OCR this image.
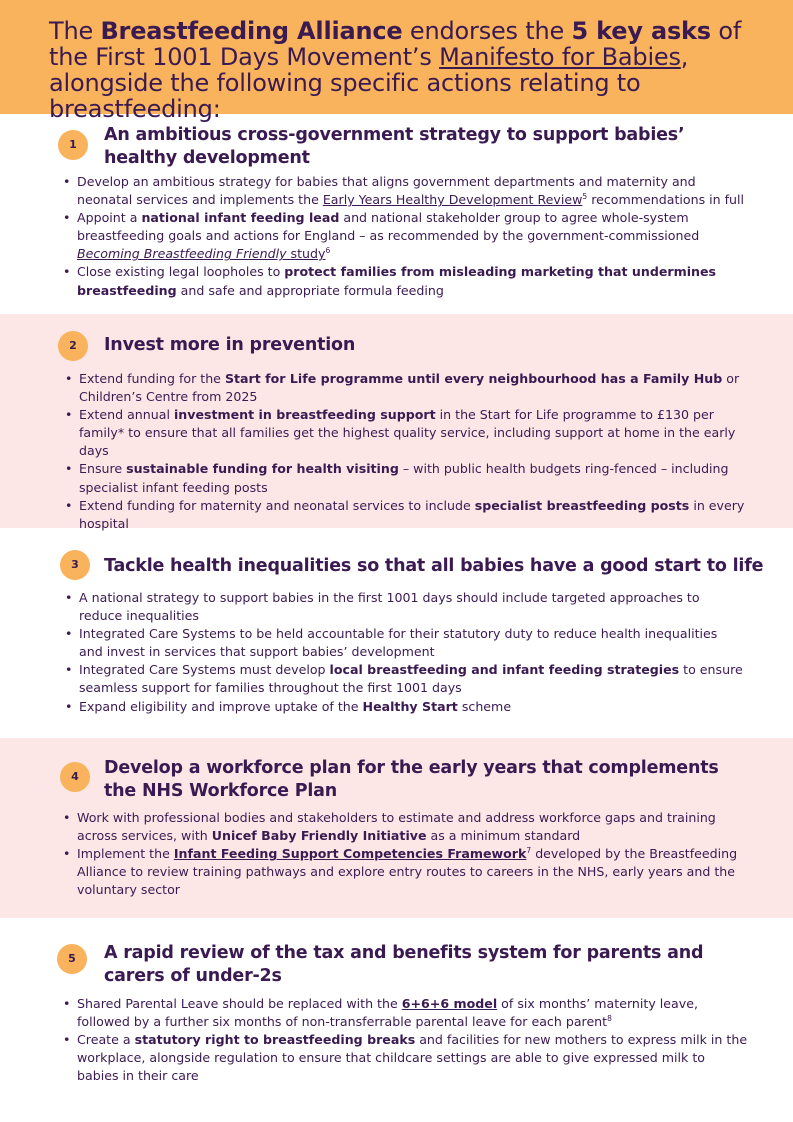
The Breastfeeding Alliance endorses the 5 key asks of the First 1001 Days Movement’s Manifesto for Babies, alongside the following specific actions relating to breastfeeding:
1	An ambitious cross-government strategy to support babies’ healthy development
• Develop an ambitious strategy for babies that aligns government departments and maternity and neonatal services and implements the Early Years Healthy Development Review$^5$ recommendations in full
• Appoint a national infant feeding lead and national stakeholder group to agree whole-system breastfeeding goals and actions for England – as recommended by the government-commissioned Becoming Breastfeeding Friendly study$^6$
• Close existing legal loopholes to protect families from misleading marketing that undermines breastfeeding and safe and appropriate formula feeding
2	Invest more in prevention
• Extend funding for the Start for Life programme until every neighbourhood has a Family Hub or Children’s Centre from 2025
• Extend annual investment in breastfeeding support in the Start for Life programme to £130 per family* to ensure that all families get the highest quality service, including support at home in the early days
• Ensure sustainable funding for health visiting – with public health budgets ring-fenced – including specialist infant feeding posts
• Extend funding for maternity and neonatal services to include specialist breastfeeding posts in every hospital
3	Tackle health inequalities so that all babies have a good start to life
• A national strategy to support babies in the first 1001 days should include targeted approaches to reduce inequalities
• Integrated Care Systems to be held accountable for their statutory duty to reduce health inequalities and invest in services that support babies’ development
• Integrated Care Systems must develop local breastfeeding and infant feeding strategies to ensure seamless support for families throughout the first 1001 days
• Expand eligibility and improve uptake of the Healthy Start scheme
4	Develop a workforce plan for the early years that complements the NHS Workforce Plan
• Work with professional bodies and stakeholders to estimate and address workforce gaps and training across services, with Unicef Baby Friendly Initiative as a minimum standard
• Implement the Infant Feeding Support Competencies Framework$^7$ developed by the Breastfeeding Alliance to review training pathways and explore entry routes to careers in the NHS, early years and the voluntary sector
5	A rapid review of the tax and benefits system for parents and carers of under-2s
• Shared Parental Leave should be replaced with the 6+6+6 model of six months’ maternity leave, followed by a further six months of non-transferrable parental leave for each parent$^8$
• Create a statutory right to breastfeeding breaks and facilities for new mothers to express milk in the workplace, alongside regulation to ensure that childcare settings are able to give expressed milk to babies in their care
